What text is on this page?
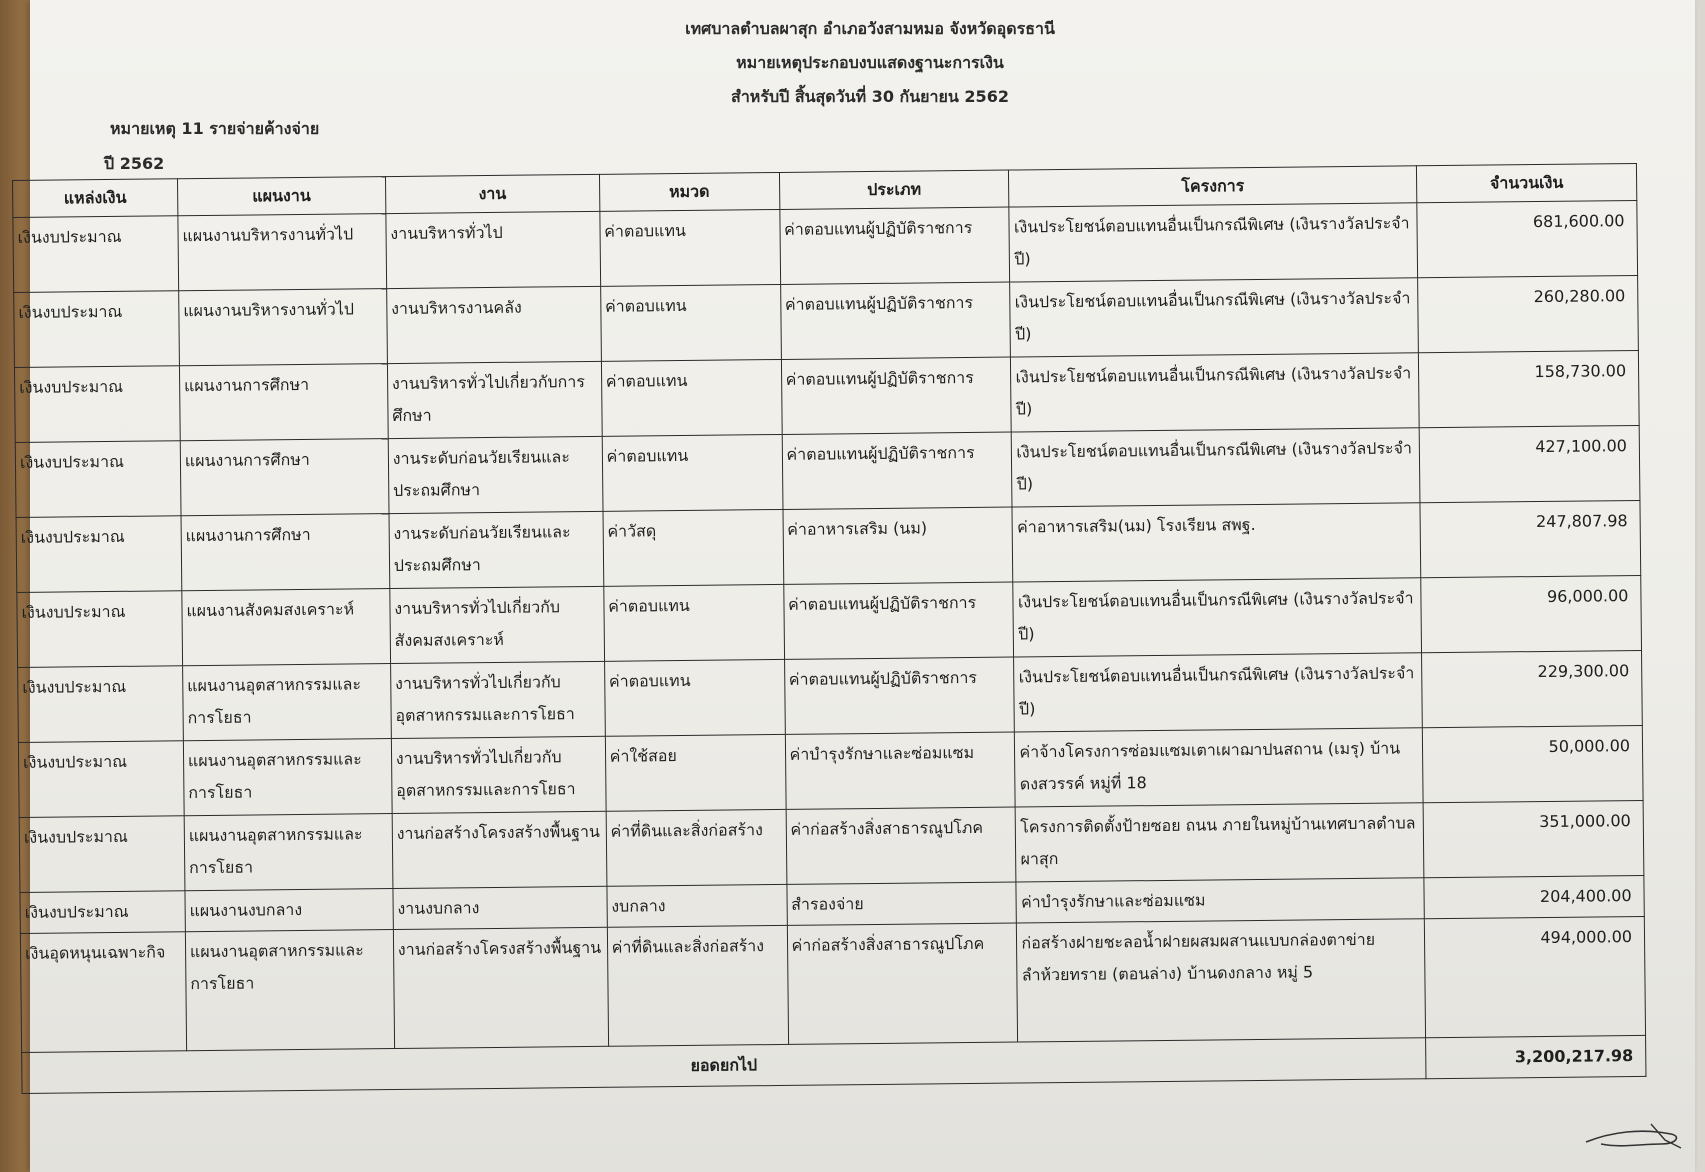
เทศบาลตำบลผาสุก อำเภอวังสามหมอ จังหวัดอุดรธานี
หมายเหตุประกอบงบแสดงฐานะการเงิน
สำหรับปี สิ้นสุดวันที่ 30 กันยายน 2562
หมายเหตุ 11 รายจ่ายค้างจ่าย
ปี 2562
แหล่งเงิน	แผนงาน	งาน	หมวด	ประเภท	โครงการ	จำนวนเงิน
เงินงบประมาณ	แผนงานบริหารงานทั่วไป	งานบริหารทั่วไป	ค่าตอบแทน	ค่าตอบแทนผู้ปฏิบัติราชการ	เงินประโยชน์ตอบแทนอื่นเป็นกรณีพิเศษ (เงินรางวัลประจำปี)	681,600.00
เงินงบประมาณ	แผนงานบริหารงานทั่วไป	งานบริหารงานคลัง	ค่าตอบแทน	ค่าตอบแทนผู้ปฏิบัติราชการ	เงินประโยชน์ตอบแทนอื่นเป็นกรณีพิเศษ (เงินรางวัลประจำปี)	260,280.00
เงินงบประมาณ	แผนงานการศึกษา	งานบริหารทั่วไปเกี่ยวกับการศึกษา	ค่าตอบแทน	ค่าตอบแทนผู้ปฏิบัติราชการ	เงินประโยชน์ตอบแทนอื่นเป็นกรณีพิเศษ (เงินรางวัลประจำปี)	158,730.00
เงินงบประมาณ	แผนงานการศึกษา	งานระดับก่อนวัยเรียนและประถมศึกษา	ค่าตอบแทน	ค่าตอบแทนผู้ปฏิบัติราชการ	เงินประโยชน์ตอบแทนอื่นเป็นกรณีพิเศษ (เงินรางวัลประจำปี)	427,100.00
เงินงบประมาณ	แผนงานการศึกษา	งานระดับก่อนวัยเรียนและประถมศึกษา	ค่าวัสดุ	ค่าอาหารเสริม (นม)	ค่าอาหารเสริม(นม) โรงเรียน สพฐ.	247,807.98
เงินงบประมาณ	แผนงานสังคมสงเคราะห์	งานบริหารทั่วไปเกี่ยวกับสังคมสงเคราะห์	ค่าตอบแทน	ค่าตอบแทนผู้ปฏิบัติราชการ	เงินประโยชน์ตอบแทนอื่นเป็นกรณีพิเศษ (เงินรางวัลประจำปี)	96,000.00
เงินงบประมาณ	แผนงานอุตสาหกรรมและการโยธา	งานบริหารทั่วไปเกี่ยวกับอุตสาหกรรมและการโยธา	ค่าตอบแทน	ค่าตอบแทนผู้ปฏิบัติราชการ	เงินประโยชน์ตอบแทนอื่นเป็นกรณีพิเศษ (เงินรางวัลประจำปี)	229,300.00
เงินงบประมาณ	แผนงานอุตสาหกรรมและการโยธา	งานบริหารทั่วไปเกี่ยวกับอุตสาหกรรมและการโยธา	ค่าใช้สอย	ค่าบำรุงรักษาและซ่อมแซม	ค่าจ้างโครงการซ่อมแซมเตาเผาฌาปนสถาน (เมรุ) บ้านดงสวรรค์ หมู่ที่ 18	50,000.00
เงินงบประมาณ	แผนงานอุตสาหกรรมและการโยธา	งานก่อสร้างโครงสร้างพื้นฐาน	ค่าที่ดินและสิ่งก่อสร้าง	ค่าก่อสร้างสิ่งสาธารณูปโภค	โครงการติดตั้งป้ายซอย ถนน ภายในหมู่บ้านเทศบาลตำบลผาสุก	351,000.00
เงินงบประมาณ	แผนงานงบกลาง	งานงบกลาง	งบกลาง	สำรองจ่าย	ค่าบำรุงรักษาและซ่อมแซม	204,400.00
เงินอุดหนุนเฉพาะกิจ	แผนงานอุตสาหกรรมและการโยธา	งานก่อสร้างโครงสร้างพื้นฐาน	ค่าที่ดินและสิ่งก่อสร้าง	ค่าก่อสร้างสิ่งสาธารณูปโภค	ก่อสร้างฝายชะลอน้ำฝายผสมผสานแบบกล่องตาข่ายลำห้วยทราย (ตอนล่าง) บ้านดงกลาง หมู่ 5	494,000.00
ยอดยกไป						3,200,217.98
